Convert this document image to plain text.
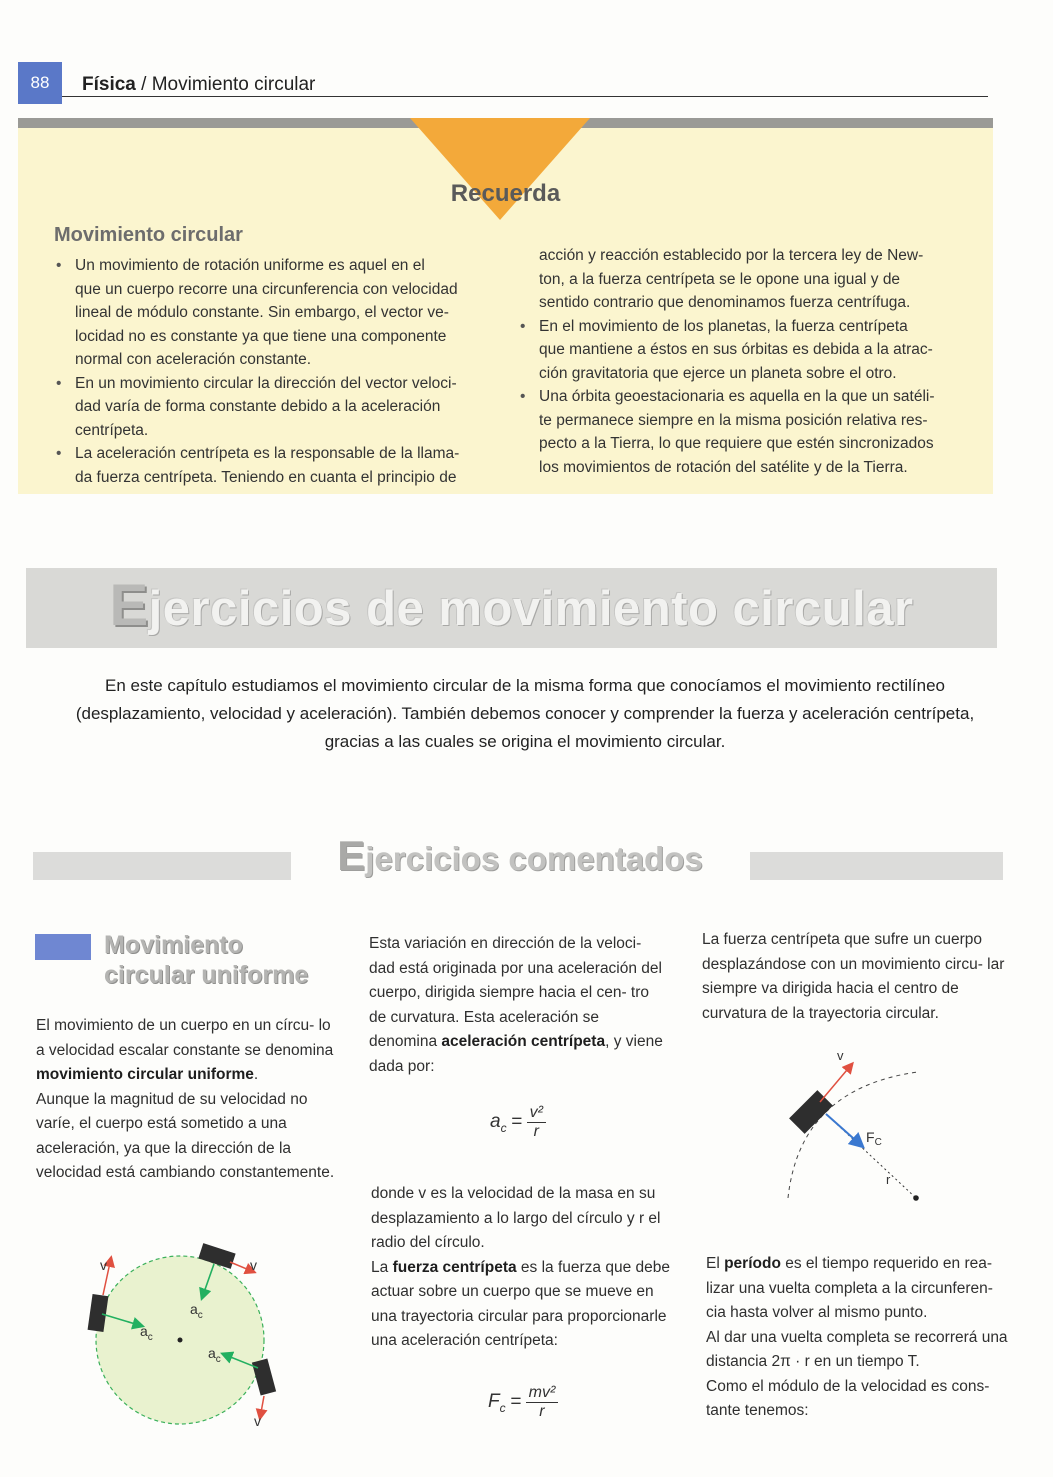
88	Física / Movimiento circular
Recuerda
Movimiento circular
• Un movimiento de rotación uniforme es aquel en el
que un cuerpo recorre una circunferencia con velocidad
lineal de módulo constante. Sin embargo, el vector ve-
locidad no es constante ya que tiene una componente
normal con aceleración constante.
• En un movimiento circular la dirección del vector veloci-
dad varía de forma constante debido a la aceleración
centrípeta.
• La aceleración centrípeta es la responsable de la llama-
da fuerza centrípeta. Teniendo en cuanta el principio de
acción y reacción establecido por la tercera ley de New-
ton, a la fuerza centrípeta se le opone una igual y de
sentido contrario que denominamos fuerza centrífuga.
• En el movimiento de los planetas, la fuerza centrípeta
que mantiene a éstos en sus órbitas es debida a la atrac-
ción gravitatoria que ejerce un planeta sobre el otro.
• Una órbita geoestacionaria es aquella en la que un satéli-
te permanece siempre en la misma posición relativa res-
pecto a la Tierra, lo que requiere que estén sincronizados
los movimientos de rotación del satélite y de la Tierra.
Ejercicios de movimiento circular
En este capítulo estudiamos el movimiento circular de la misma forma que conocíamos el movimiento rectilíneo
(desplazamiento, velocidad y aceleración). También debemos conocer y comprender la fuerza y aceleración centrípeta,
gracias a las cuales se origina el movimiento circular.
Ejercicios comentados
Movimiento
circular uniforme

El movimiento de un cuerpo en un círcu- lo a velocidad escalar constante se denomina movimiento circular uniforme.

Aunque la magnitud de su velocidad no varíe, el cuerpo está sometido a una aceleración, ya que la dirección de la velocidad está cambiando constantemente.

v	v
v
$a_c$
$a_c$
$a_c$

Esta variación en dirección de la veloci- dad está originada por una aceleración del cuerpo, dirigida siempre hacia el cen- tro de curvatura. Esta aceleración se denomina aceleración centrípeta, y viene dada por:

$a_c = \frac{\text{v²}}{r}$

donde v es la velocidad de la masa en su desplazamiento a lo largo del círculo y r el radio del círculo.

La fuerza centrípeta es la fuerza que debe actuar sobre un cuerpo que se mueve en una trayectoria circular para proporcionarle una aceleración centrípeta:

$F_c = \frac{\text{mv²}}{r}$

La fuerza centrípeta que sufre un cuerpo desplazándose con un movimiento circu- lar siempre va dirigida hacia el centro de curvatura de la trayectoria circular.

v
$F_C$
r

El período es el tiempo requerido en rea- lizar una vuelta completa a la circunferen- cia hasta volver al mismo punto.

Al dar una vuelta completa se recorrerá una distancia 2π · r en un tiempo T.

Como el módulo de la velocidad es cons- tante tenemos:
